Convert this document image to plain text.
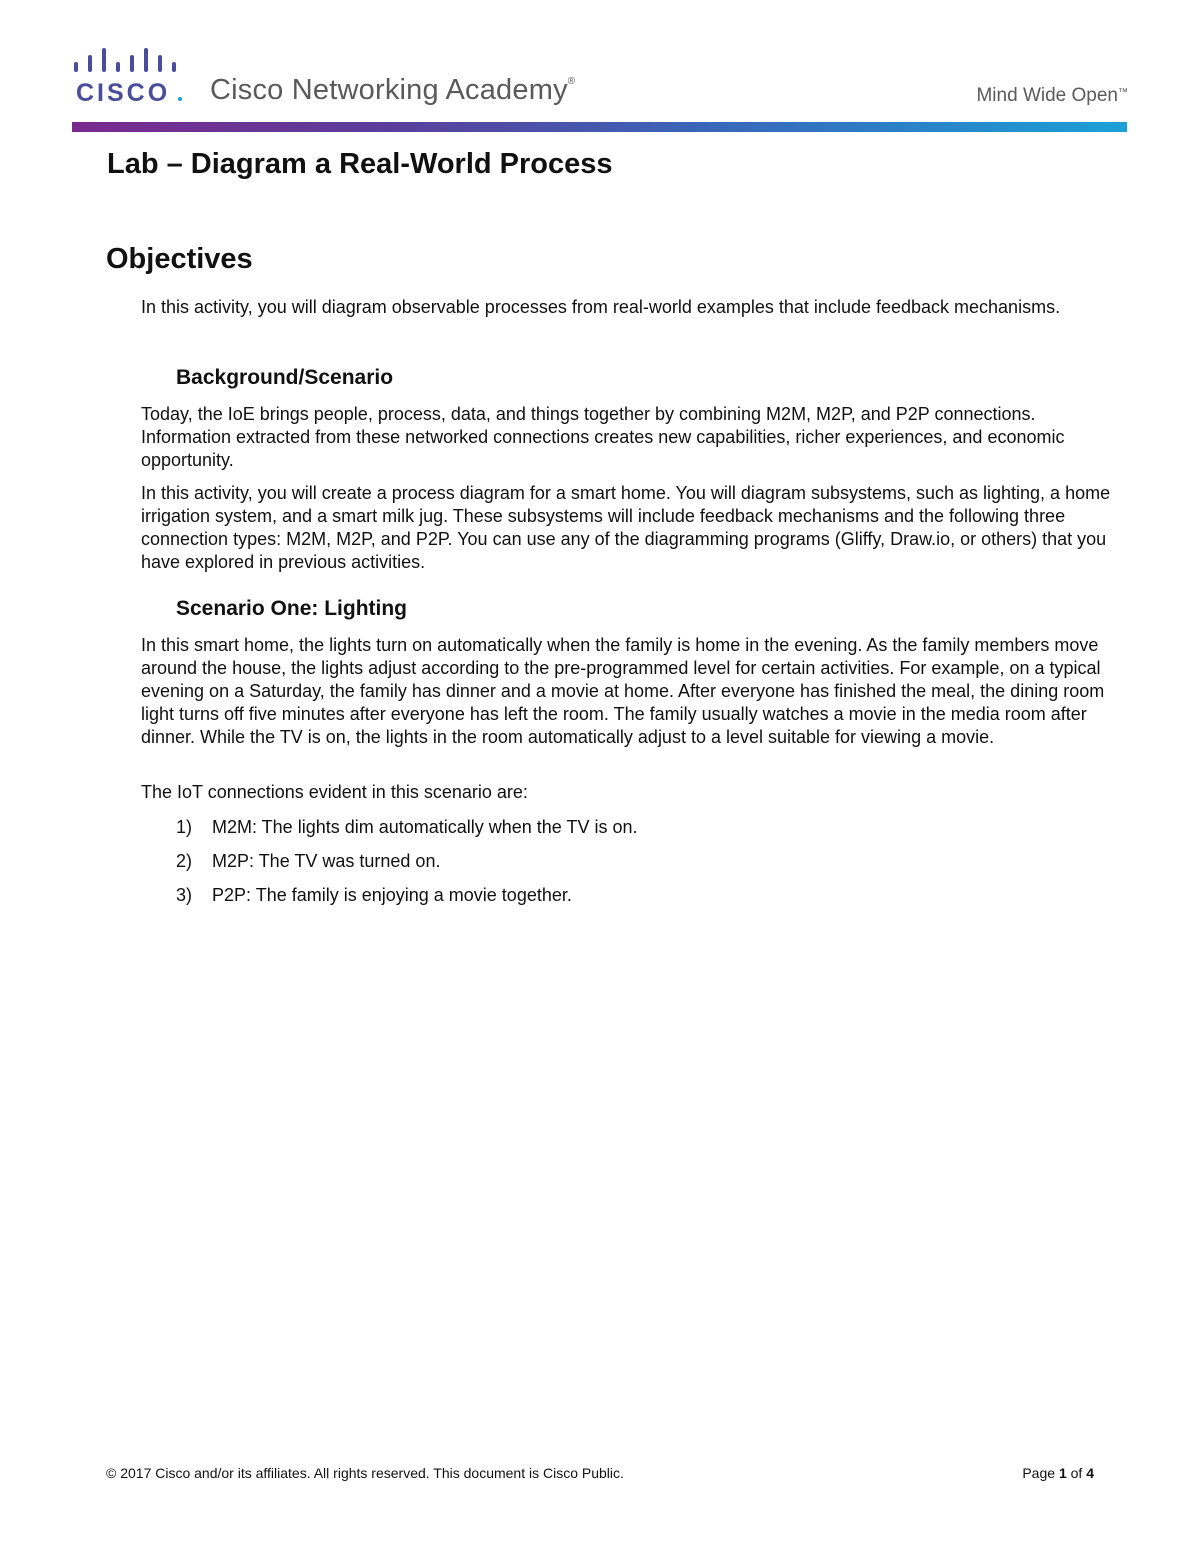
CISCO Cisco Networking Academy®
Mind Wide Open™
Lab – Diagram a Real-World Process
Objectives

In this activity, you will diagram observable processes from real-world examples that include feedback mechanisms.

Background/Scenario

Today, the IoE brings people, process, data, and things together by combining M2M, M2P, and P2P connections. Information extracted from these networked connections creates new capabilities, richer experiences, and economic opportunity.

In this activity, you will create a process diagram for a smart home. You will diagram subsystems, such as lighting, a home irrigation system, and a smart milk jug. These subsystems will include feedback mechanisms and the following three connection types: M2M, M2P, and P2P. You can use any of the diagramming programs (Gliffy, Draw.io, or others) that you have explored in previous activities.

Scenario One: Lighting

In this smart home, the lights turn on automatically when the family is home in the evening. As the family members move around the house, the lights adjust according to the pre-programmed level for certain activities. For example, on a typical evening on a Saturday, the family has dinner and a movie at home. After everyone has finished the meal, the dining room light turns off five minutes after everyone has left the room. The family usually watches a movie in the media room after dinner. While the TV is on, the lights in the room automatically adjust to a level suitable for viewing a movie.

The IoT connections evident in this scenario are:

1)	M2M: The lights dim automatically when the TV is on.
2)	M2P: The TV was turned on.
3)	P2P: The family is enjoying a movie together.
© 2017 Cisco and/or its affiliates. All rights reserved. This document is Cisco Public.	Page 1 of 4
